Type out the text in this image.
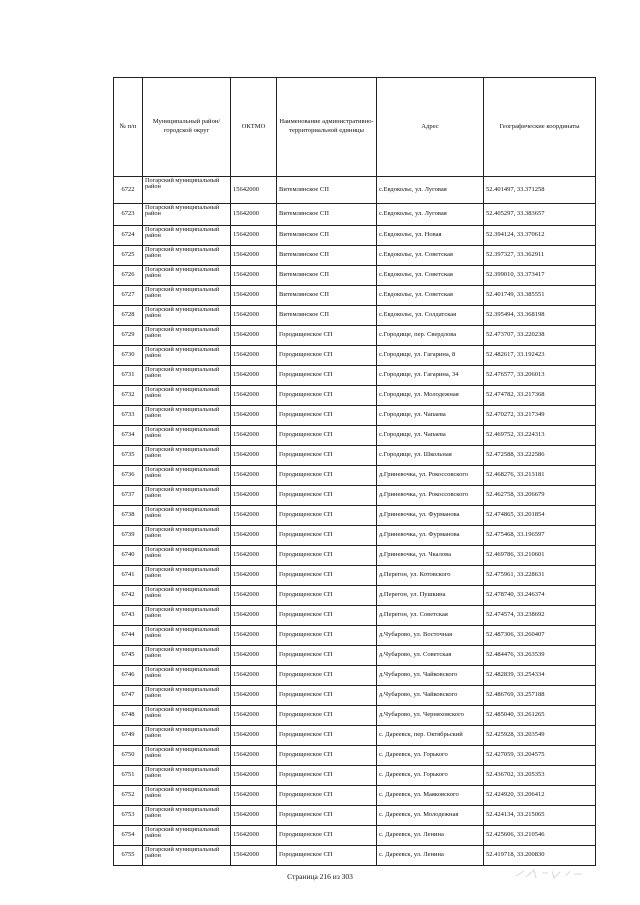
№ п/п	Муниципальный район/городской округ	ОКТМО	Наименование административно-территориальной единицы	Адрес	Географические координаты
6722	Погарский муниципальный район	15642000	Витемлянское СП	с.Евдокольє, ул. Луговая	52.401497, 33.371258
6723	Погарский муниципальный район	15642000	Витемлянское СП	с.Евдокольє, ул. Луговая	52.405297, 33.383657
6724	Погарский муниципальный район	15642000	Витемлянское СП	с.Евдокольє, ул. Новая	52.394124, 33.370612
6725	Погарский муниципальный район	15642000	Витемлянское СП	с.Евдокольє, ул. Советская	52.397327, 33.362911
6726	Погарский муниципальный район	15642000	Витемлянское СП	с.Евдокольє, ул. Советская	52.399010, 33.373417
6727	Погарский муниципальный район	15642000	Витемлянское СП	с.Евдокольє, ул. Советская	52.401749, 33.385551
6728	Погарский муниципальный район	15642000	Витемлянское СП	с.Евдокольє, ул. Солдатская	52.395494, 33.368198
6729	Погарский муниципальный район	15642000	Городищенское СП	с.Городище, пер. Свердлова	52.473707, 33.220238
6730	Погарский муниципальный район	15642000	Городищенское СП	с.Городище, ул. Гагарина, 8	52.482617, 33.192423
6731	Погарский муниципальный район	15642000	Городищенское СП	с.Городище, ул. Гагарина, 34	52.476577, 33.206013
6732	Погарский муниципальный район	15642000	Городищенское СП	с.Городище, ул. Молодежная	52.474782, 33.217368
6733	Погарский муниципальный район	15642000	Городищенское СП	с.Городище, ул. Чапаева	52.470272, 33.217349
6734	Погарский муниципальный район	15642000	Городищенское СП	с.Городище, ул. Чапаева	52.469752, 33.224313
6735	Погарский муниципальный район	15642000	Городищенское СП	с.Городище, ул. Школьная	52.472588, 33.222586
6736	Погарский муниципальный район	15642000	Городищенское СП	д.Гриневочка, ул. Рокоссовского	52.468276, 33.213181
6737	Погарский муниципальный район	15642000	Городищенское СП	д.Гриневочка, ул. Рокоссовского	52.462758, 33.206679
6738	Погарский муниципальный район	15642000	Городищенское СП	д.Гриневочка, ул. Фурманова	52.474865, 33.201854
6739	Погарский муниципальный район	15642000	Городищенское СП	д.Гриневочка, ул. Фурманова	52.475468, 33.196597
6740	Погарский муниципальный район	15642000	Городищенское СП	д.Гриневочка, ул. Чкалова	52.469786, 33.210601
6741	Погарский муниципальный район	15642000	Городищенское СП	д.Перегон, ул. Котовского	52.475961, 33.228631
6742	Погарский муниципальный район	15642000	Городищенское СП	д.Перегон, ул. Пушкина	52.478740, 33.246374
6743	Погарский муниципальный район	15642000	Городищенское СП	д.Перегон, ул. Советская	52.474574, 33.238692
6744	Погарский муниципальный район	15642000	Городищенское СП	д.Чубарово, ул. Восточная	52.487306, 33.260407
6745	Погарский муниципальный район	15642000	Городищенское СП	д.Чубарово, ул. Советская	52.484476, 33.263539
6746	Погарский муниципальный район	15642000	Городищенское СП	д.Чубарово, ул. Чайковского	52.482839, 33.254334
6747	Погарский муниципальный район	15642000	Городищенское СП	д.Чубарово, ул. Чайковского	52.486769, 33.257188
6748	Погарский муниципальный район	15642000	Городищенское СП	д.Чубарово, ул. Черняховского	52.485040, 33.261265
6749	Погарский муниципальный район	15642000	Городищенское СП	с. Дареевск, пер. Октябрьский	52.425928, 33.203549
6750	Погарский муниципальный район	15642000	Городищенское СП	с. Дареевск, ул. Горького	52.427059, 33.204575
6751	Погарский муниципальный район	15642000	Городищенское СП	с. Дареевск, ул. Горького	52.436702, 33.205353
6752	Погарский муниципальный район	15642000	Городищенское СП	с. Дареевск, ул. Маяковского	52.424920, 33.206412
6753	Погарский муниципальный район	15642000	Городищенское СП	с. Дареевск, ул. Молодежная	52.424134, 33.215065
6754	Погарский муниципальный район	15642000	Городищенское СП	с. Дареевск, ул. Ленина	52.425606, 33.210546
6755	Погарский муниципальный район	15642000	Городищенское СП	с. Дареевск, ул. Ленина	52.419718, 33.200830
Страница 216 из 303
